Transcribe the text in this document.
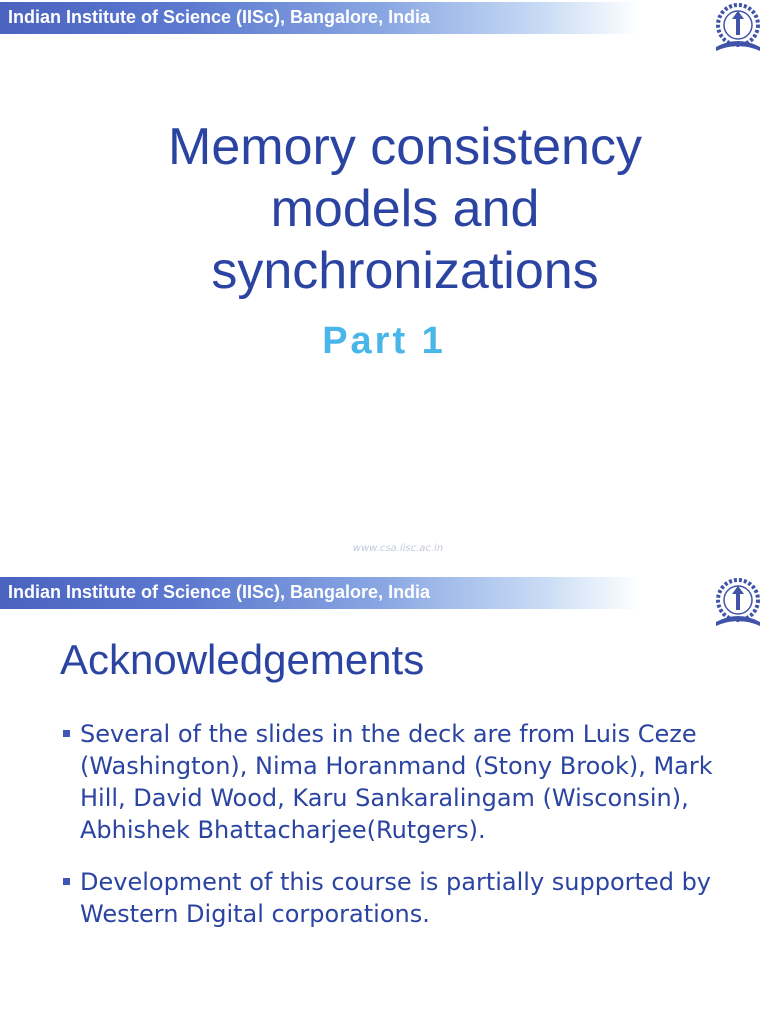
Indian Institute of Science (IISc), Bangalore, India
Memory consistency
models and
synchronizations
Part 1
www.csa.iisc.ac.in
Indian Institute of Science (IISc), Bangalore, India
Acknowledgements
Several of the slides in the deck are from Luis Ceze (Washington), Nima Horanmand (Stony Brook), Mark Hill, David Wood, Karu Sankaralingam (Wisconsin), Abhishek Bhattacharjee(Rutgers).
Development of this course is partially supported by Western Digital corporations.
